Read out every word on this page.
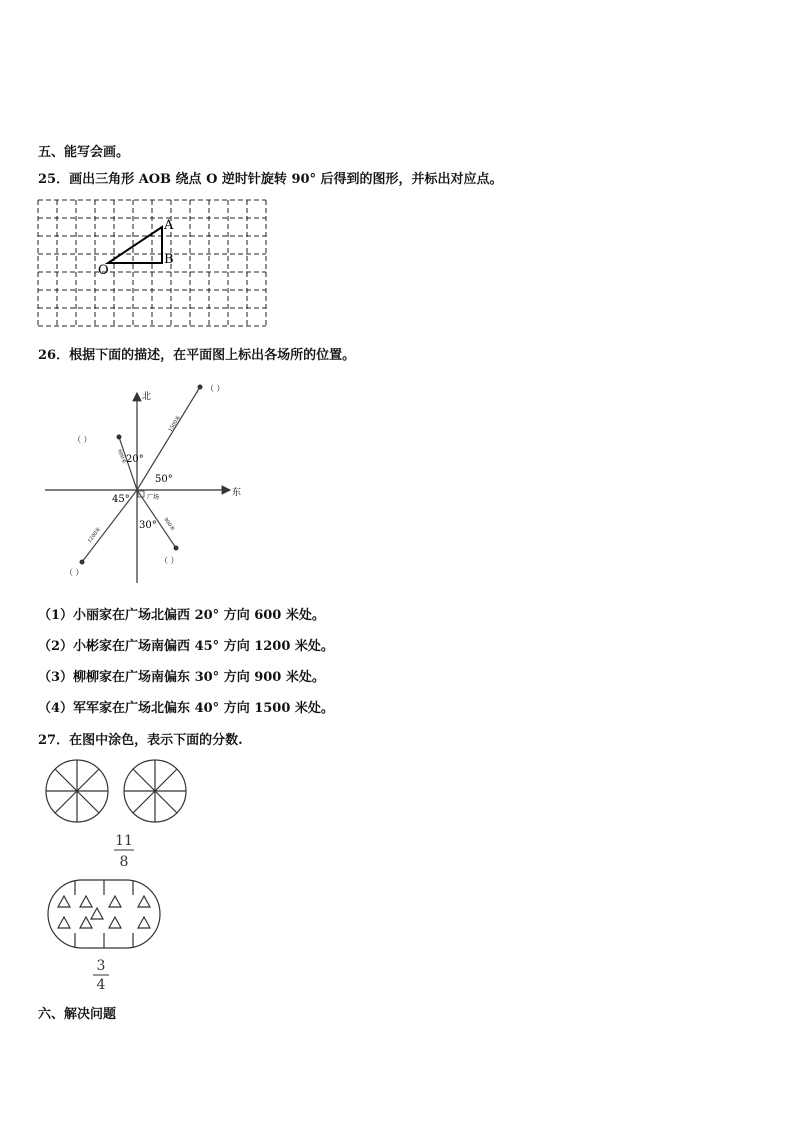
五、能写会画。
25．画出三角形 AOB 绕点 O 逆时针旋转 90° 后得到的图形，并标出对应点。
A
B
O
26．根据下面的描述，在平面图上标出各场所的位置。
北
东
广场
20°
50°
45°
30°
1500米
600米
1200米
900米
（ ）
（ ）
（ ）
（ ）
（1）小丽家在广场北偏西 20° 方向 600 米处。
（2）小彬家在广场南偏西 45° 方向 1200 米处。
（3）柳柳家在广场南偏东 30° 方向 900 米处。
（4）军军家在广场北偏东 40° 方向 1500 米处。
27．在图中涂色，表示下面的分数.
11
8
3
4
六、解决问题
